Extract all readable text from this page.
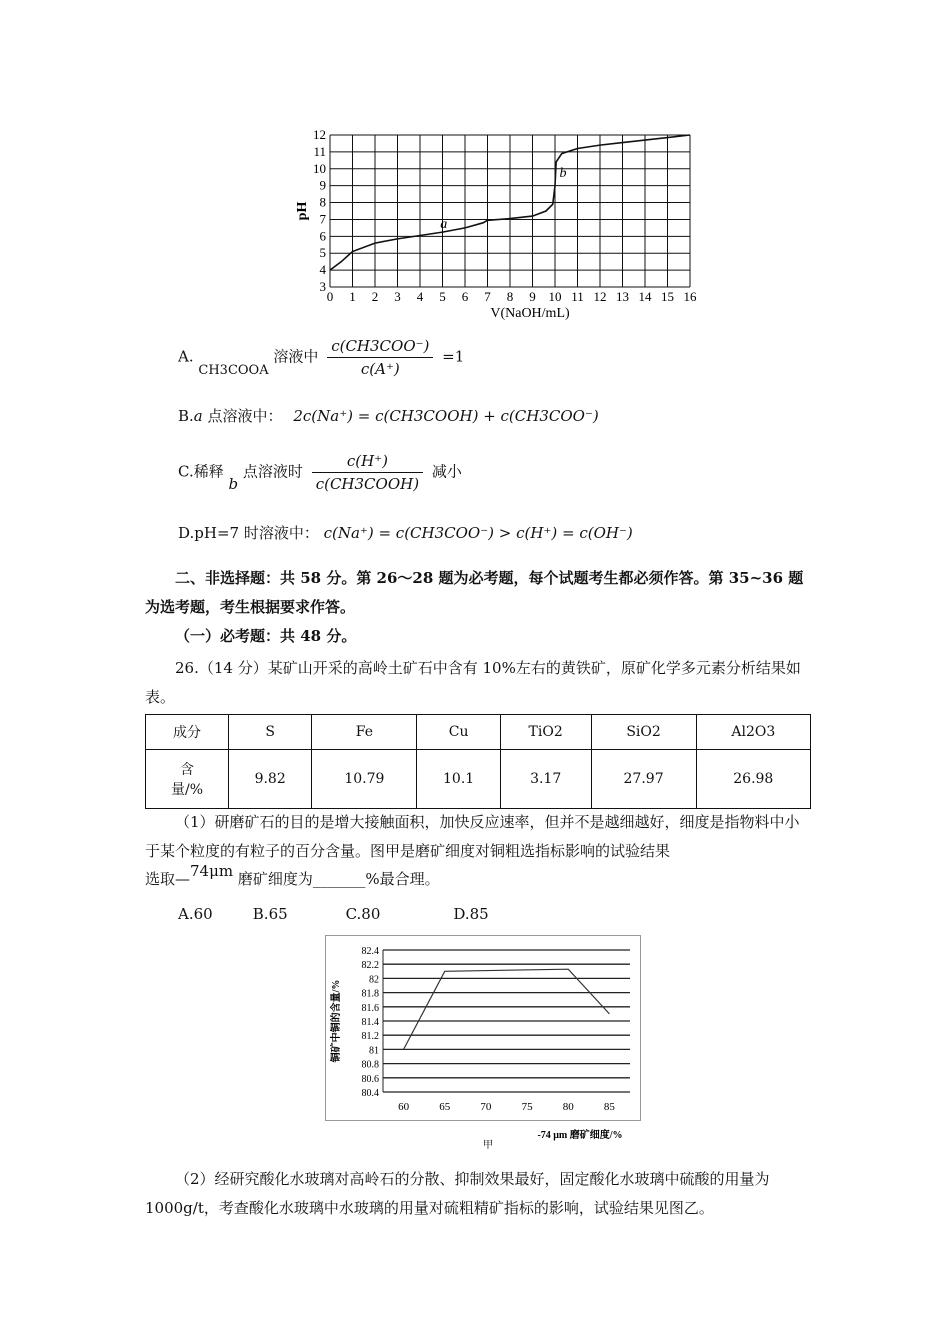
0 1 2 3 4 5 6 7 8 9 10 11 12 13 14 15 16
3
4
5
6
7
8
9
10
11
12
pH
V(NaOH/mL)
a
b
A. CH3COOA 溶液中 $\frac{\text{c(CH3COO⁻)}}{c(A^+)} =1$
B.a 点溶液中： 2c(Na⁺) = c(CH3COOH) + c(CH3COO⁻)
C.稀释 b 点溶液时 $\frac{c(H^+)}{\text{c(CH3COOH)}}$ 减小
D.pH=7 时溶液中： c(Na⁺) = c(CH3COO⁻) > c(H⁺) = c(OH⁻)
二、非选择题：共 58 分。第 26～28 题为必考题，每个试题考生都必须作答。第 35~36 题为选考题，考生根据要求作答。
（一）必考题：共 48 分。
26.（14 分）某矿山开采的高岭土矿石中含有 10%左右的黄铁矿，原矿化学多元素分析结果如表。
成分	S	Fe	Cu	TiO2	SiO2	Al2O3
含
量/%	9.82	10.79	10.1	3.17	27.97	26.98
（1）研磨矿石的目的是增大接触面积，加快反应速率，但并不是越细越好，细度是指物料中小于某个粒度的有粒子的百分含量。图甲是磨矿细度对铜粗选指标影响的试验结果
选取—74μm 磨矿细度为_______%最合理。
A.60	B.65	C.80	D.85
82.4
82.2
82
81.8
81.6
81.4
81.2
81
80.8
80.6
80.4
60	65	70	75	80	85
铜矿中铜的含量/%
-74 μm 磨矿细度/%
甲
（2）经研究酸化水玻璃对高岭石的分散、抑制效果最好，固定酸化水玻璃中硫酸的用量为 1000g/t，考查酸化水玻璃中水玻璃的用量对硫粗精矿指标的影响，试验结果见图乙。
